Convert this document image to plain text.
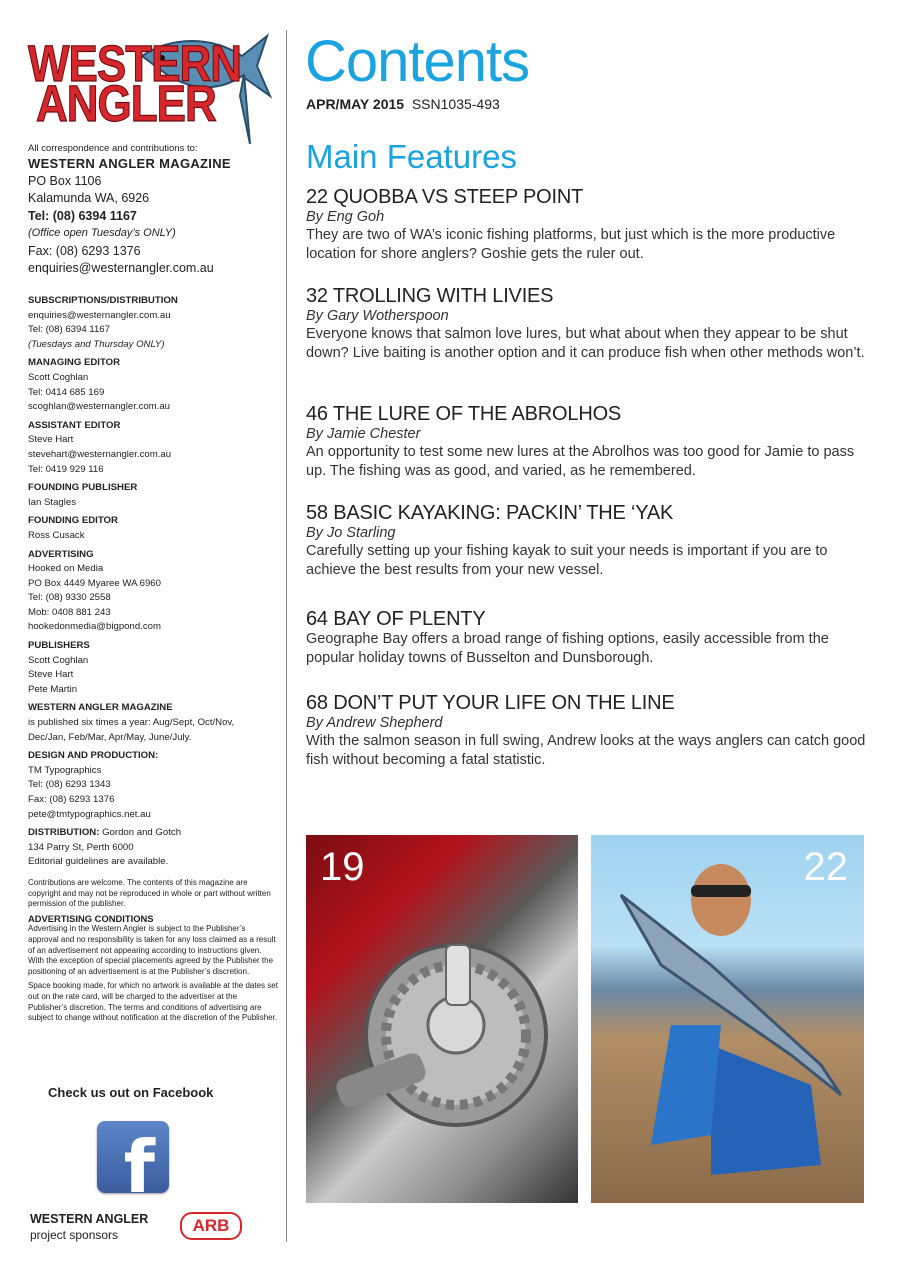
WESTERN
ANGLER
All correspondence and contributions to:
WESTERN ANGLER MAGAZINE
PO Box 1106
Kalamunda WA, 6926
Tel: (08) 6394 1167
(Office open Tuesday’s ONLY)
Fax: (08) 6293 1376
enquiries@westernangler.com.au
SUBSCRIPTIONS/DISTRIBUTION
enquiries@westernangler.com.au
Tel: (08) 6394 1167
(Tuesdays and Thursday ONLY)
MANAGING EDITOR
Scott Coghlan
Tel: 0414 685 169
scoghlan@westernangler.com.au
ASSISTANT EDITOR
Steve Hart
stevehart@westernangler.com.au
Tel: 0419 929 116
FOUNDING PUBLISHER
Ian Stagles
FOUNDING EDITOR
Ross Cusack
ADVERTISING
Hooked on Media
PO Box 4449 Myaree WA 6960
Tel: (08) 9330 2558
Mob: 0408 881 243
hookedonmedia@bigpond.com
PUBLISHERS
Scott Coghlan
Steve Hart
Pete Martin
WESTERN ANGLER MAGAZINE
is published six times a year: Aug/Sept, Oct/Nov,
Dec/Jan, Feb/Mar, Apr/May, June/July.
DESIGN AND PRODUCTION:
TM Typographics
Tel: (08) 6293 1343
Fax: (08) 6293 1376
pete@tmtypographics.net.au
DISTRIBUTION: Gordon and Gotch
134 Parry St, Perth 6000
Editorial guidelines are available.

Contributions are welcome. The contents of this magazine are copyright and may not be reproduced in whole or part without written permission of the publisher.

ADVERTISING CONDITIONS

Advertising in the Western Angler is subject to the Publisher’s approval and no responsibility is taken for any loss claimed as a result of an advertisement not appearing according to instructions given. With the exception of special placements agreed by the Publisher the positioning of an advertisement is at the Publisher’s discretion.

Space booking made, for which no artwork is available at the dates set out on the rate card, will be charged to the advertiser at the Publisher’s discretion. The terms and conditions of advertising are subject to change without notification at the discretion of the Publisher.

Check us out on Facebook
f
WESTERN ANGLER
project sponsors	ARB
Contents
APR/MAY 2015 SSN1035-493
Main Features
22 QUOBBA VS STEEP POINT
By Eng Goh
They are two of WA’s iconic fishing platforms, but just which is the more productive location for shore anglers? Goshie gets the ruler out.
32 TROLLING WITH LIVIES
By Gary Wotherspoon
Everyone knows that salmon love lures, but what about when they appear to be shut down? Live baiting is another option and it can produce fish when other methods won’t.
46 THE LURE OF THE ABROLHOS
By Jamie Chester
An opportunity to test some new lures at the Abrolhos was too good for Jamie to pass up. The fishing was as good, and varied, as he remembered.
58 BASIC KAYAKING: PACKIN’ THE ‘YAK
By Jo Starling
Carefully setting up your fishing kayak to suit your needs is important if you are to achieve the best results from your new vessel.
64 BAY OF PLENTY
Geographe Bay offers a broad range of fishing options, easily accessible from the popular holiday towns of Busselton and Dunsborough.
68 DON’T PUT YOUR LIFE ON THE LINE
By Andrew Shepherd
With the salmon season in full swing, Andrew looks at the ways anglers can catch good fish without becoming a fatal statistic.
19	22
